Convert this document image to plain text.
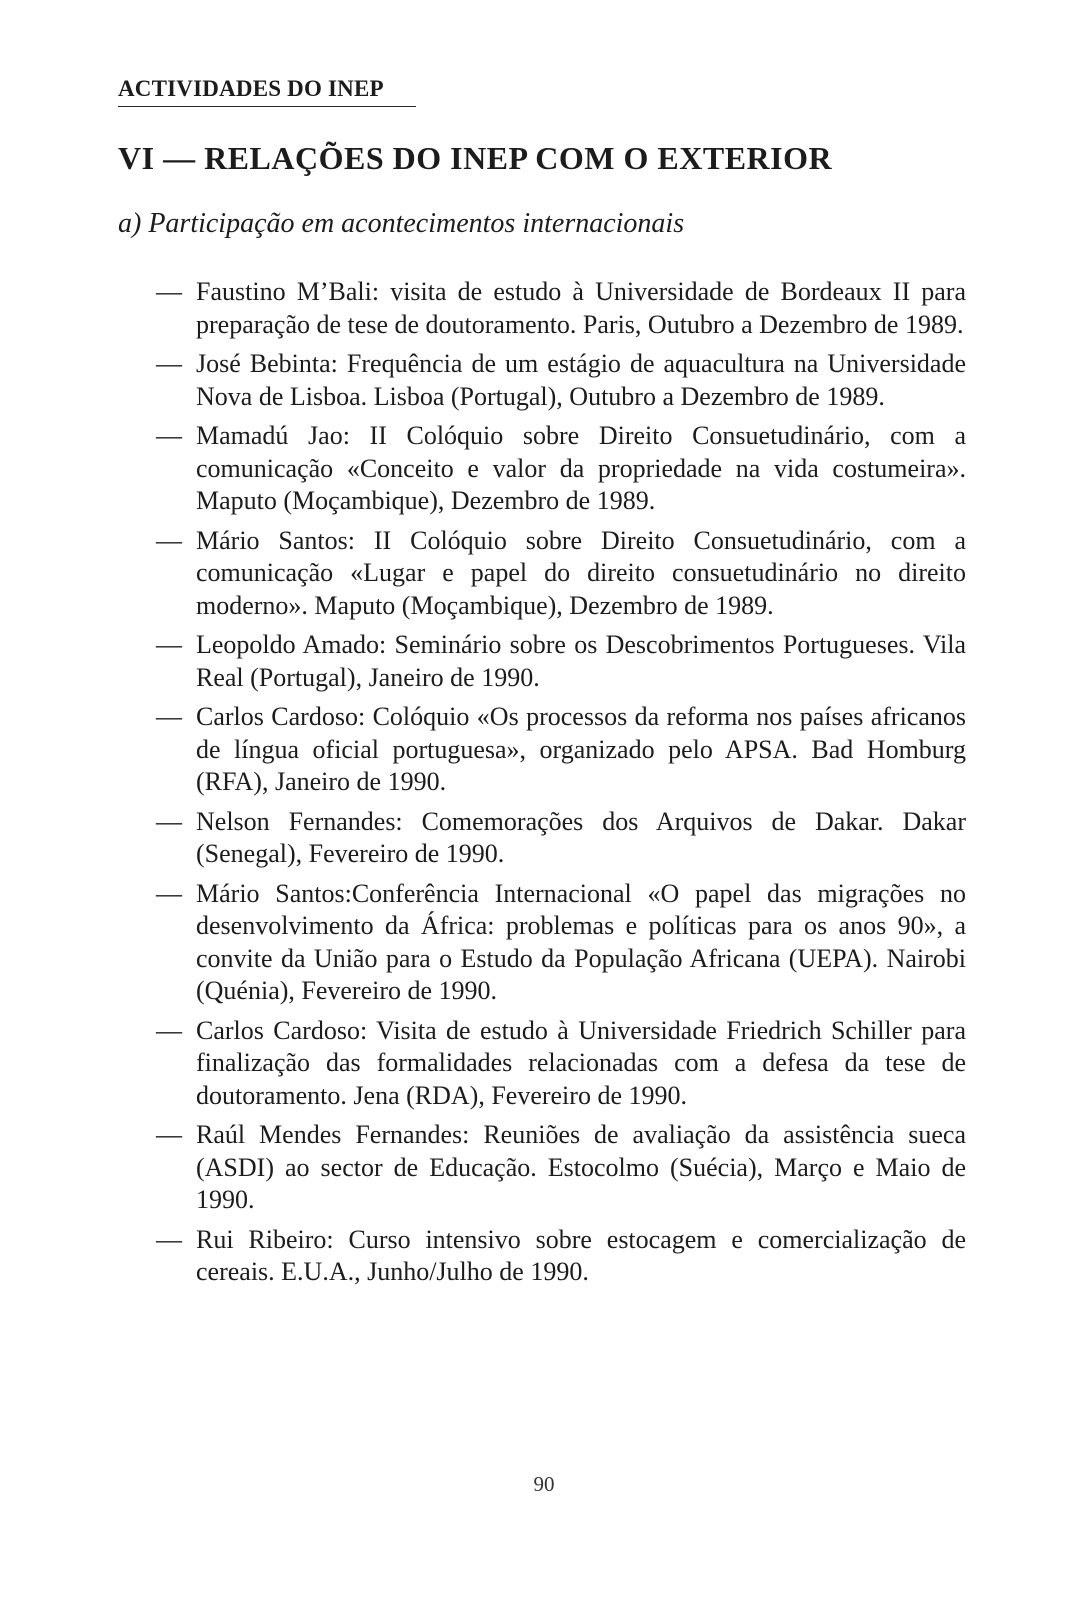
ACTIVIDADES DO INEP
VI — RELAÇÕES DO INEP COM O EXTERIOR
a) Participação em acontecimentos internacionais
— Faustino M’Bali: visita de estudo à Universidade de Bordeaux II para preparação de tese de doutoramento. Paris, Outubro a Dezembro de 1989.
— José Bebinta: Frequência de um estágio de aquacultura na Universidade Nova de Lisboa. Lisboa (Portugal), Outubro a Dezembro de 1989.
— Mamadú Jao: II Colóquio sobre Direito Consuetudinário, com a comunicação «Conceito e valor da propriedade na vida costumeira». Maputo (Moçambique), Dezembro de 1989.
— Mário Santos: II Colóquio sobre Direito Consuetudinário, com a comunicação «Lugar e papel do direito consuetudinário no direito moderno». Maputo (Moçambique), Dezembro de 1989.
— Leopoldo Amado: Seminário sobre os Descobrimentos Portugueses. Vila Real (Portugal), Janeiro de 1990.
— Carlos Cardoso: Colóquio «Os processos da reforma nos países africanos de língua oficial portuguesa», organizado pelo APSA. Bad Homburg (RFA), Janeiro de 1990.
— Nelson Fernandes: Comemorações dos Arquivos de Dakar. Dakar (Senegal), Fevereiro de 1990.
— Mário Santos:Conferência Internacional «O papel das migrações no desenvolvimento da África: problemas e políticas para os anos 90», a convite da União para o Estudo da População Africana (UEPA). Nairobi (Quénia), Fevereiro de 1990.
— Carlos Cardoso: Visita de estudo à Universidade Friedrich Schiller para finalização das formalidades relacionadas com a defesa da tese de doutoramento. Jena (RDA), Fevereiro de 1990.
— Raúl Mendes Fernandes: Reuniões de avaliação da assistência sueca (ASDI) ao sector de Educação. Estocolmo (Suécia), Março e Maio de 1990.
— Rui Ribeiro: Curso intensivo sobre estocagem e comercialização de cereais. E.U.A., Junho/Julho de 1990.
90
